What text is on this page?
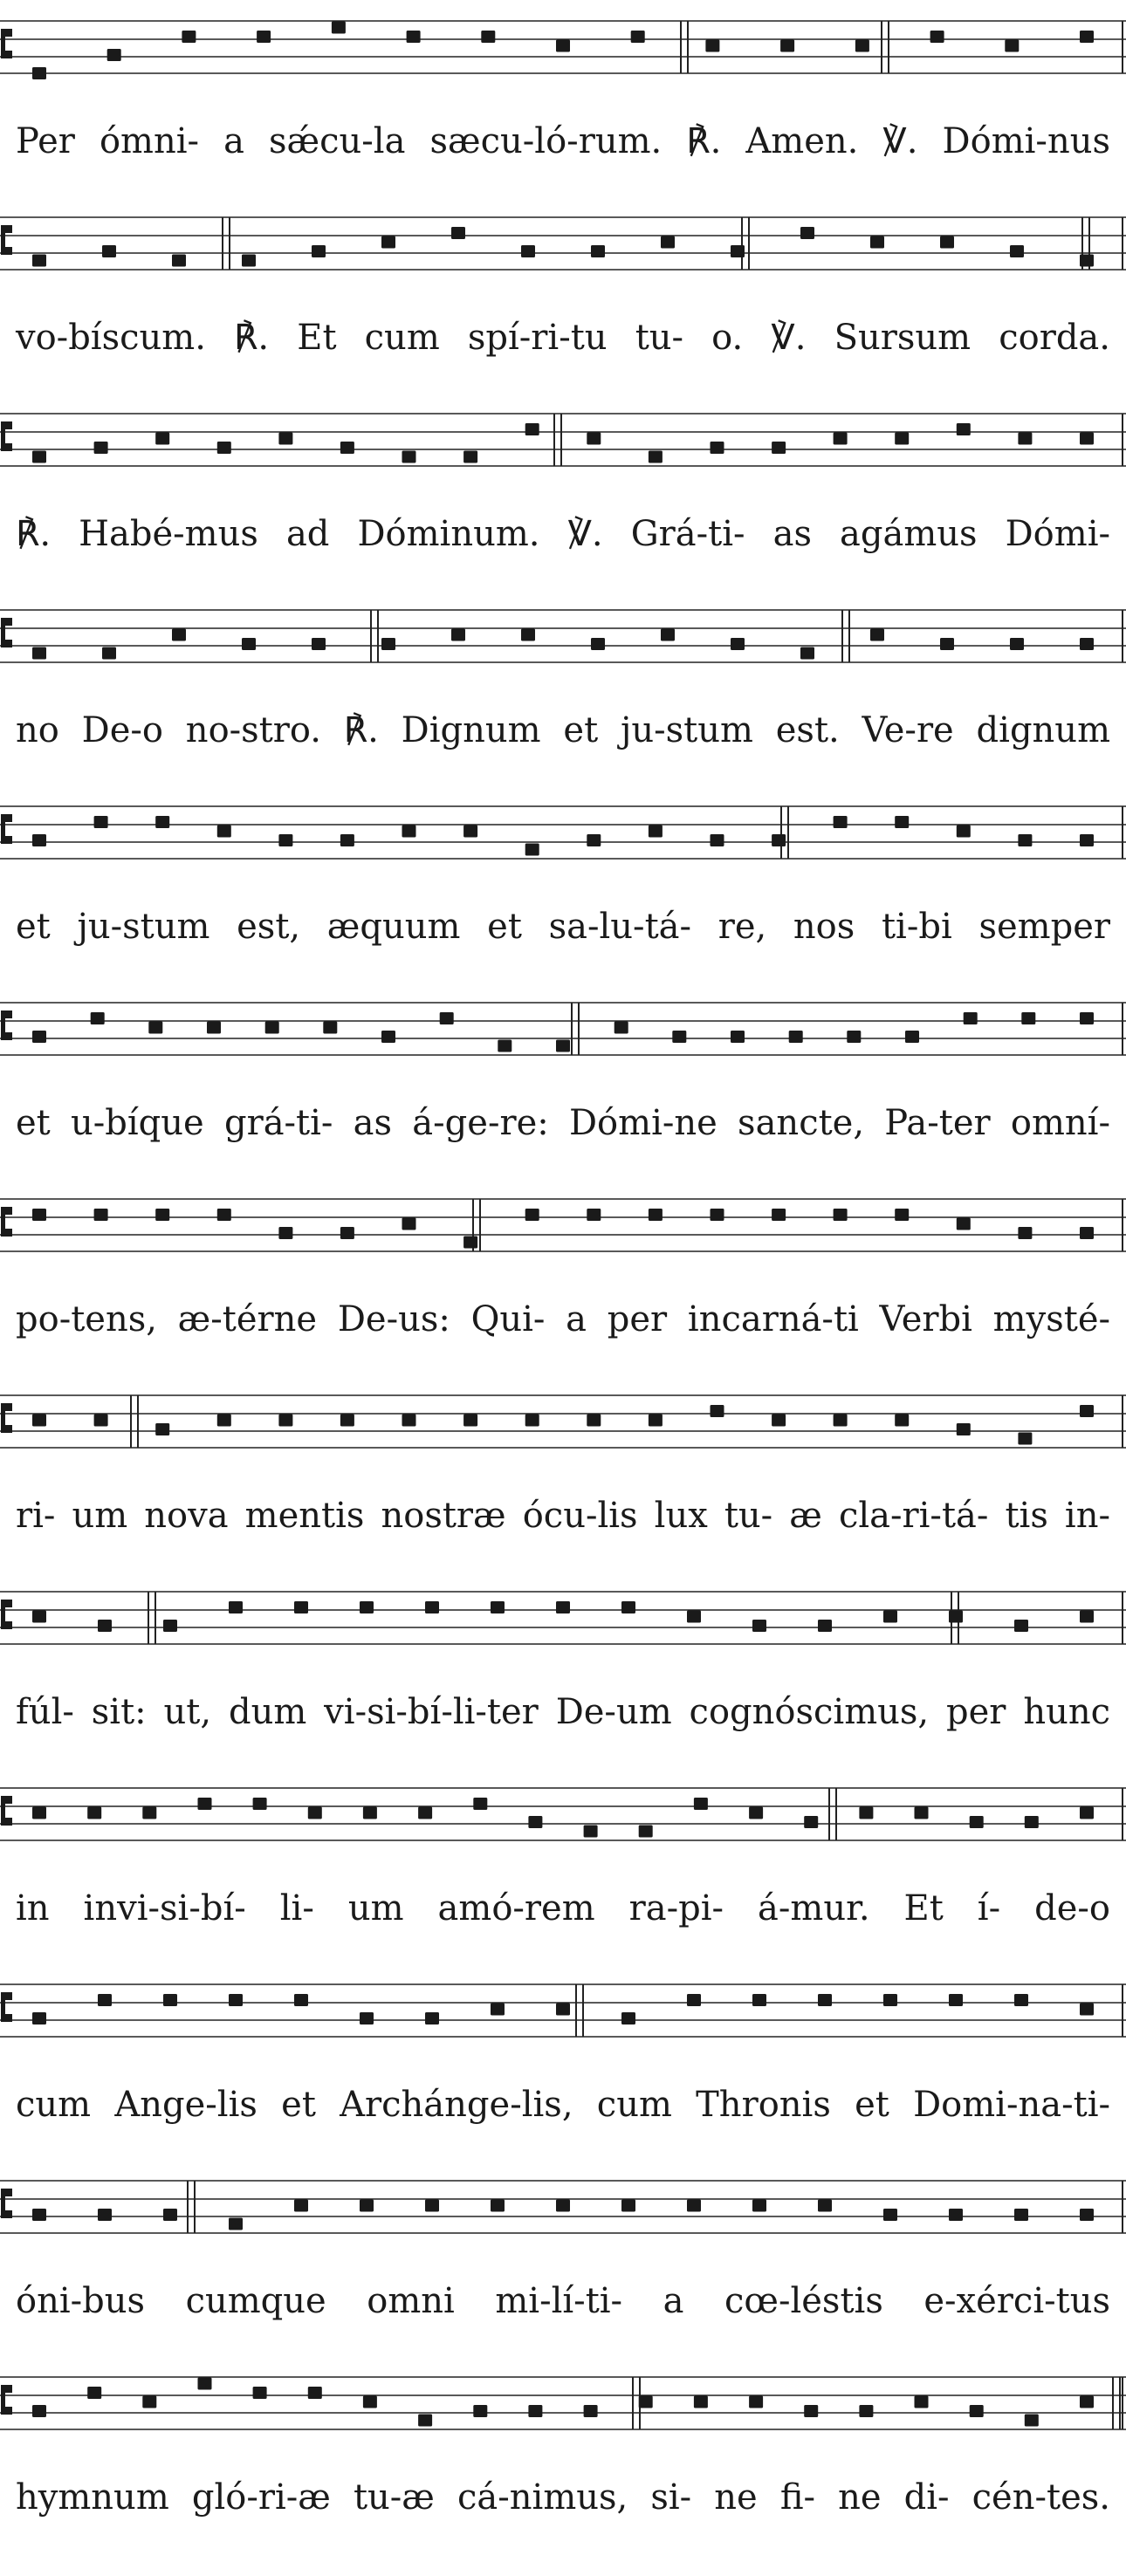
Per ómni- a sǽcu-la sæcu-ló-rum. ℟. Amen. ℣. Dómi-nus
vo-bíscum. ℟. Et cum spí-ri-tu tu- o. ℣. Sursum corda.
℟. Habé-mus ad Dóminum. ℣. Grá-ti- as agámus Dómi-
no De-o no-stro. ℟. Dignum et ju-stum est. Ve-re dignum
et ju-stum est, æquum et sa-lu-tá- re, nos ti-bi semper
et u-bíque grá-ti- as á-ge-re: Dómi-ne sancte, Pa-ter omní-
po-tens, æ-térne De-us: Qui- a per incarná-ti Verbi mysté-
ri- um nova mentis nostræ ócu-lis lux tu- æ cla-ri-tá- tis in-
fúl- sit: ut, dum vi-si-bí-li-ter De-um cognóscimus, per hunc
in invi-si-bí- li- um amó-rem ra-pi- á-mur. Et í- de-o
cum Ange-lis et Archánge-lis, cum Thronis et Domi-na-ti-
óni-bus cumque omni mi-lí-ti- a cœ-léstis e-xérci-tus
hymnum gló-ri-æ tu-æ cá-nimus, si- ne fi- ne di- cén-tes.
